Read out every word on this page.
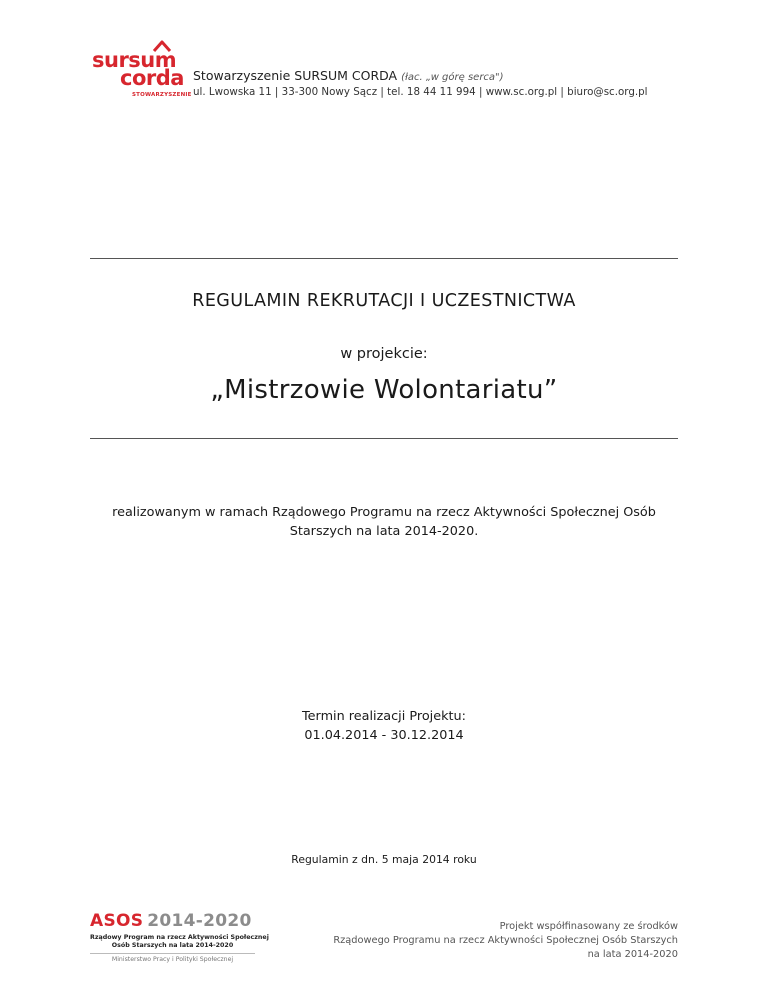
sursum
corda
STOWARZYSZENIE
Stowarzyszenie SURSUM CORDA (łac. „w górę serca")
ul. Lwowska 11 | 33-300 Nowy Sącz | tel. 18 44 11 994 | www.sc.org.pl | biuro@sc.org.pl
REGULAMIN REKRUTACJI I UCZESTNICTWA
w projekcie:
„Mistrzowie Wolontariatu”
realizowanym w ramach Rządowego Programu na rzecz Aktywności Społecznej Osób Starszych na lata 2014-2020.
Termin realizacji Projektu:
01.04.2014 - 30.12.2014
Regulamin z dn. 5 maja 2014 roku
ASOS 2014-2020
Rządowy Program na rzecz Aktywności Społecznej
Osób Starszych na lata 2014-2020
Ministerstwo Pracy i Polityki Społecznej
Projekt współfinasowany ze środków
Rządowego Programu na rzecz Aktywności Społecznej Osób Starszych
na lata 2014-2020
